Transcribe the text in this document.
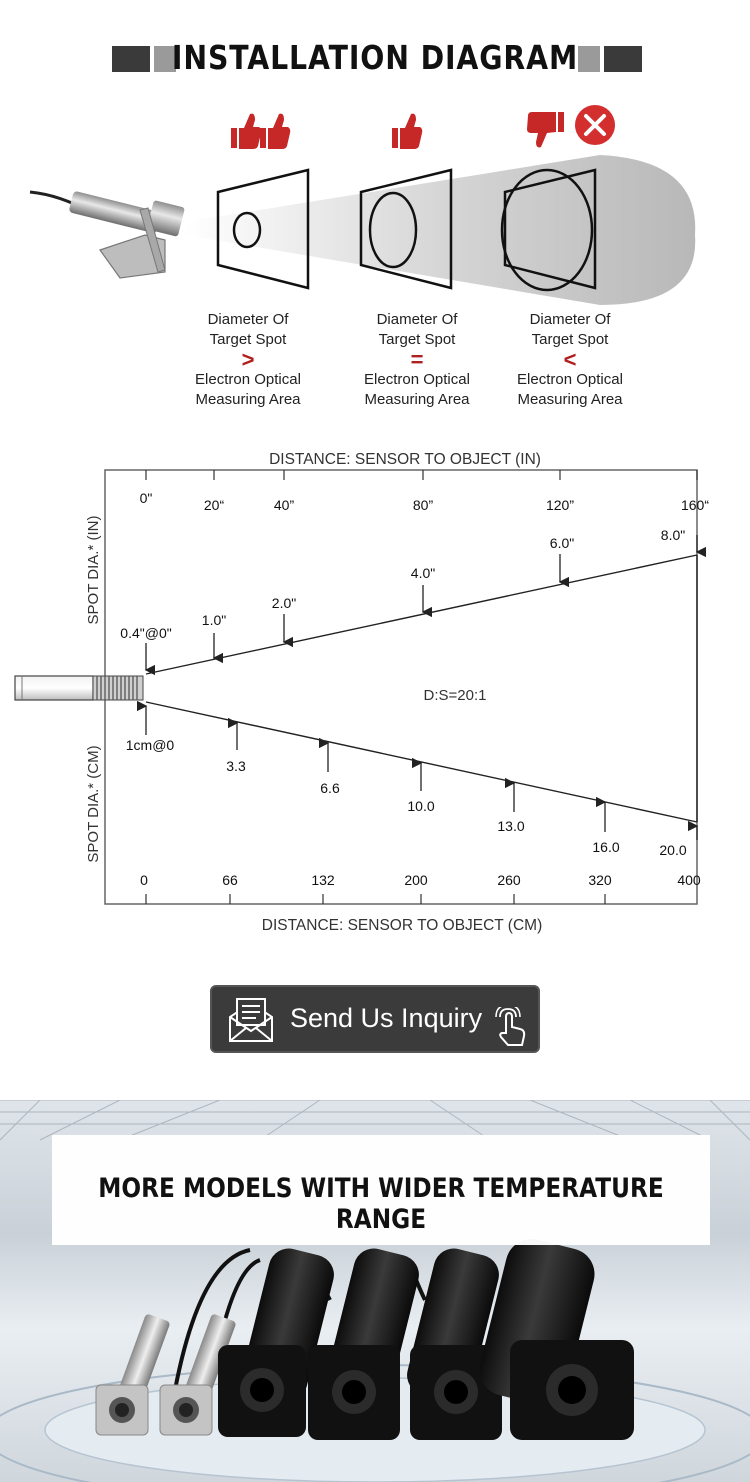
INSTALLATION DIAGRAM
Diameter Of
Target Spot
>
Electron Optical
Measuring Area
Diameter Of
Target Spot
=
Electron Optical
Measuring Area
Diameter Of
Target Spot
<
Electron Optical
Measuring Area
DISTANCE: SENSOR TO OBJECT (IN)
DISTANCE: SENSOR TO OBJECT (CM)
SPOT DIA.* (IN)
SPOT DIA.* (CM)
D:S=20:1
0"	20“	40”	80”	120”	160“
0.4"@0"
1.0"
2.0"
4.0"
6.0"	8.0"
1cm@0
3.3
6.6
10.0
13.0
16.0	20.0
0	66	132	200	260	320	400
Send Us Inquiry
MORE MODELS WITH WIDER TEMPERATURE RANGE
